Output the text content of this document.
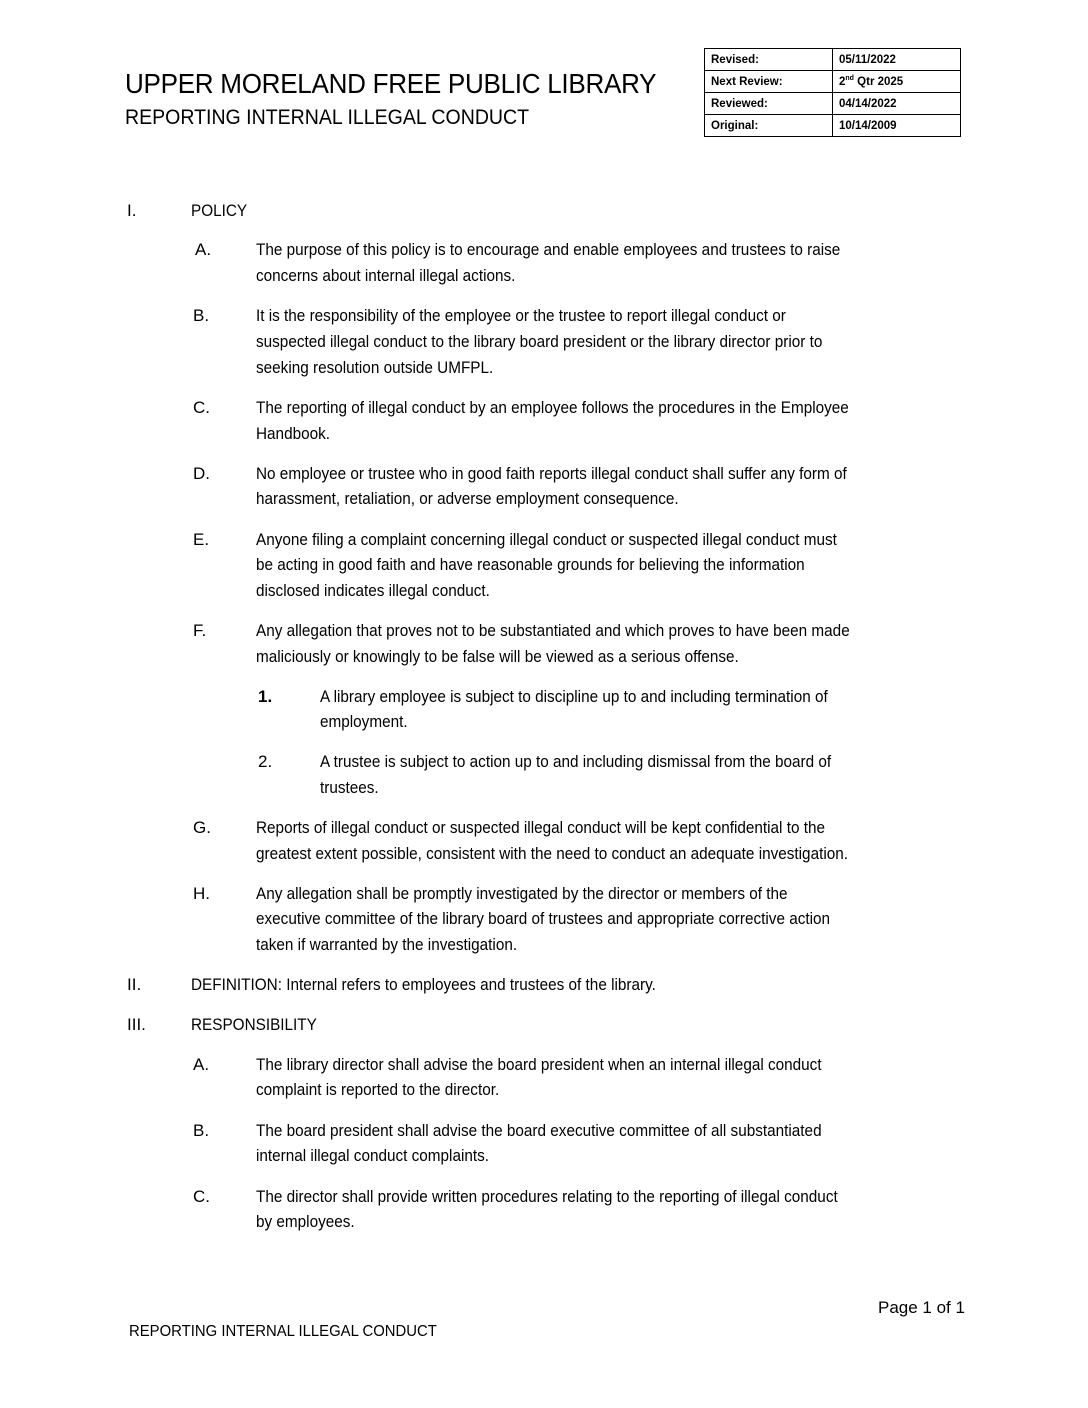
UPPER MORELAND FREE PUBLIC LIBRARY
REPORTING INTERNAL ILLEGAL CONDUCT
Revised:	05/11/2022
Next Review:	2nd Qtr 2025
Reviewed:	04/14/2022
Original:	10/14/2009
I.	POLICY
A.	The purpose of this policy is to encourage and enable employees and trustees to raise
concerns about internal illegal actions.
B.	It is the responsibility of the employee or the trustee to report illegal conduct or
suspected illegal conduct to the library board president or the library director prior to
seeking resolution outside UMFPL.
C.	The reporting of illegal conduct by an employee follows the procedures in the Employee
Handbook.
D.	No employee or trustee who in good faith reports illegal conduct shall suffer any form of
harassment, retaliation, or adverse employment consequence.
E.	Anyone filing a complaint concerning illegal conduct or suspected illegal conduct must
be acting in good faith and have reasonable grounds for believing the information
disclosed indicates illegal conduct.
F.	Any allegation that proves not to be substantiated and which proves to have been made
maliciously or knowingly to be false will be viewed as a serious offense.
1.	A library employee is subject to discipline up to and including termination of
employment.
2.	A trustee is subject to action up to and including dismissal from the board of
trustees.
G.	Reports of illegal conduct or suspected illegal conduct will be kept confidential to the
greatest extent possible, consistent with the need to conduct an adequate investigation.
H.	Any allegation shall be promptly investigated by the director or members of the
executive committee of the library board of trustees and appropriate corrective action
taken if warranted by the investigation.
II.	DEFINITION: Internal refers to employees and trustees of the library.
III.	RESPONSIBILITY
A.	The library director shall advise the board president when an internal illegal conduct
complaint is reported to the director.
B.	The board president shall advise the board executive committee of all substantiated
internal illegal conduct complaints.
C.	The director shall provide written procedures relating to the reporting of illegal conduct
by employees.
Page 1 of 1
REPORTING INTERNAL ILLEGAL CONDUCT
